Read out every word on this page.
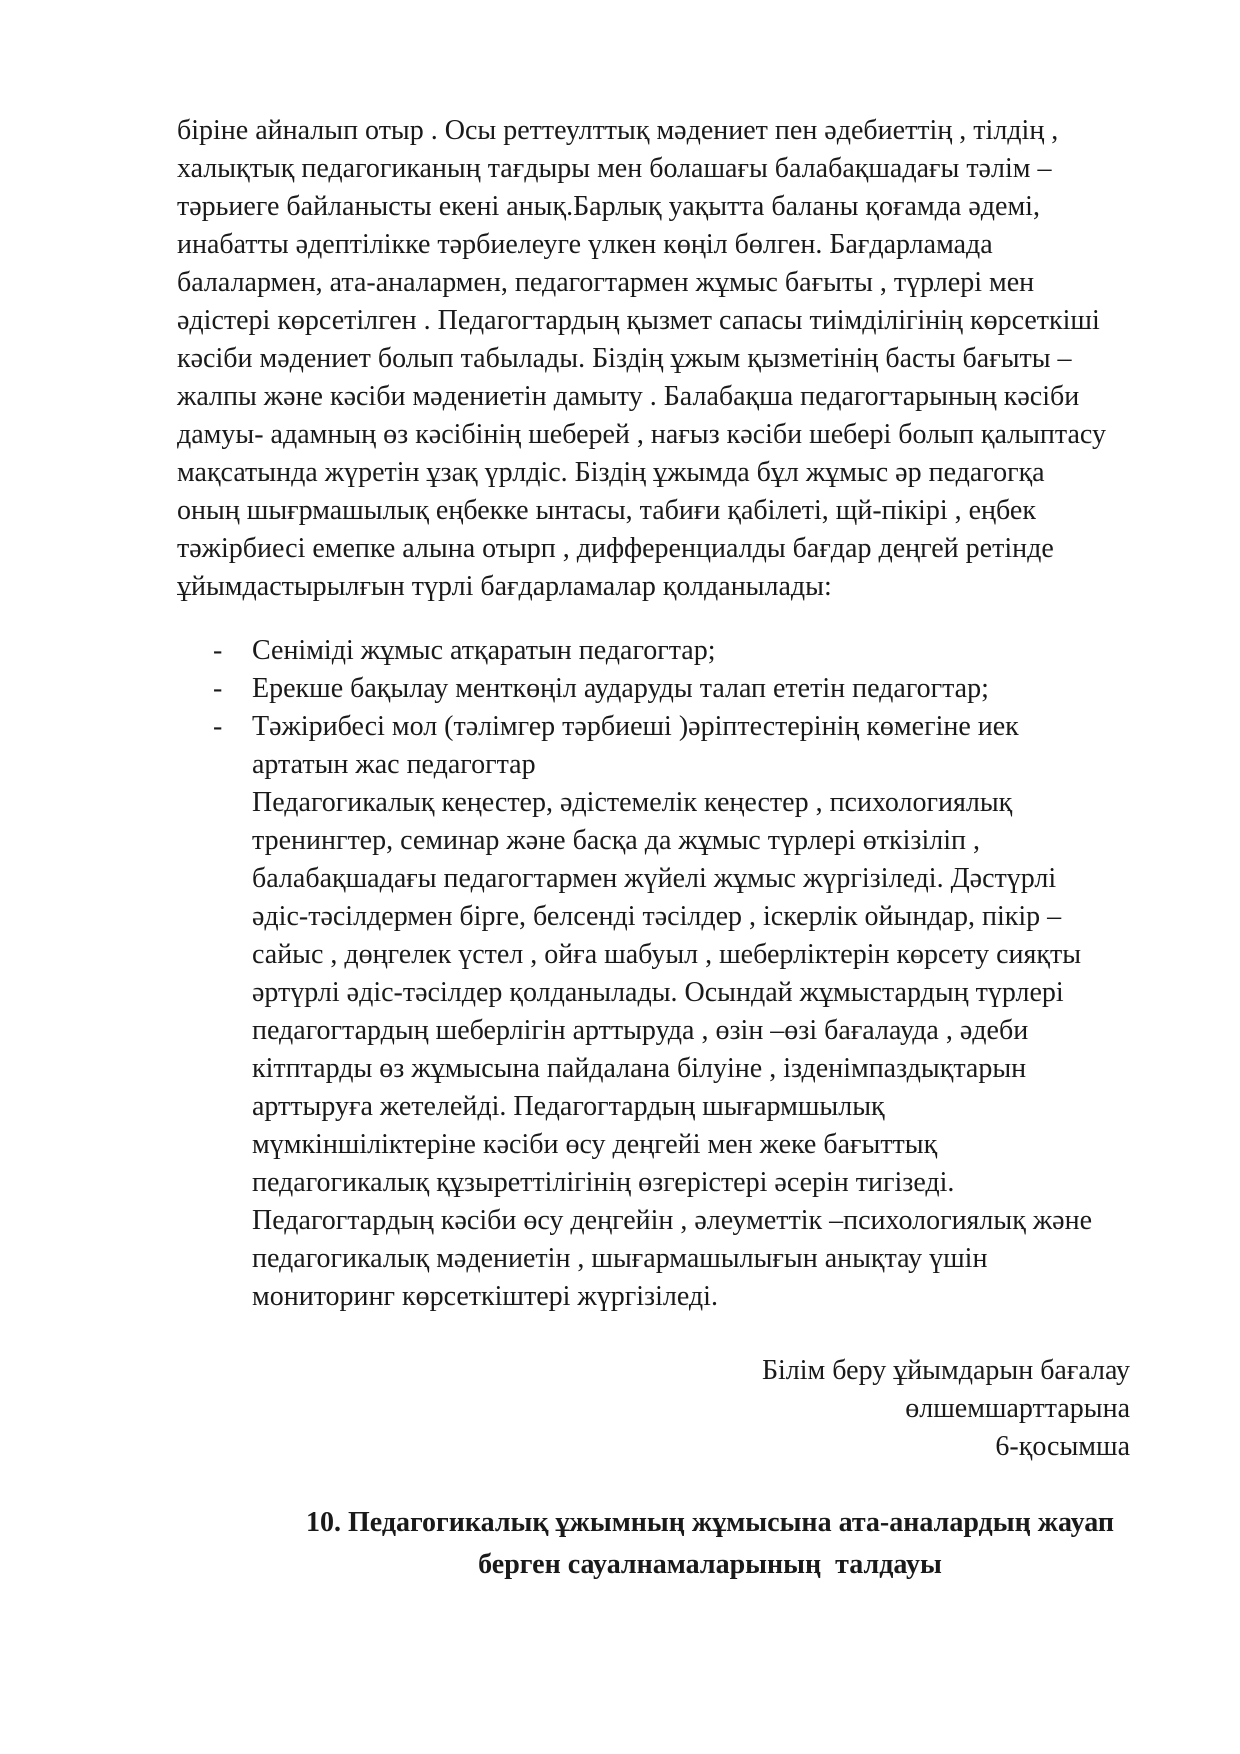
біріне айналып отыр . Осы реттеулттық мәдениет пен әдебиеттің , тілдің ,
халықтық педагогиканың тағдыры мен болашағы балабақшадағы тәлім –
тәрьиеге байланысты екені анық.Барлық уақытта баланы қоғамда әдемі,
инабатты әдептілікке тәрбиелеуге үлкен көңіл бөлген. Бағдарламада
балалармен, ата-аналармен, педагогтармен жұмыс бағыты , түрлері мен
әдістері көрсетілген . Педагогтардың қызмет сапасы тиімділігінің көрсеткіші
кәсіби мәдениет болып табылады. Біздің ұжым қызметінің басты бағыты –
жалпы және кәсіби мәдениетін дамыту . Балабақша педагогтарының кәсіби
дамуы- адамның өз кәсібінің шеберей , нағыз кәсіби шебері болып қалыптасу
мақсатында жүретін ұзақ үрлдіс. Біздің ұжымда бұл жұмыс әр педагогқа
оның шығрмашылық еңбекке ынтасы, табиғи қабілеті, щй-пікірі , еңбек
тәжірбиесі емепке алына отырп , дифференциалды бағдар деңгей ретінде
ұйымдастырылғын түрлі бағдарламалар қолданылады:
- Сеніміді жұмыс атқаратын педагогтар;
- Ерекше бақылау менткөңіл аударуды талап ететін педагогтар;
- Тәжірибесі мол (тәлімгер тәрбиеші )әріптестерінің көмегіне иек
артатын жас педагогтар
Педагогикалық кеңестер, әдістемелік кеңестер , психологиялық
тренингтер, семинар және басқа да жұмыс түрлері өткізіліп ,
балабақшадағы педагогтармен жүйелі жұмыс жүргізіледі. Дәстүрлі
әдіс-тәсілдермен бірге, белсенді тәсілдер , іскерлік ойындар, пікір –
сайыс , дөңгелек үстел , ойға шабуыл , шеберліктерін көрсету сияқты
әртүрлі әдіс-тәсілдер қолданылады. Осындай жұмыстардың түрлері
педагогтардың шеберлігін арттыруда , өзін –өзі бағалауда , әдеби
кітптарды өз жұмысына пайдалана білуіне , ізденімпаздықтарын
арттыруға жетелейді. Педагогтардың шығармшылық
мүмкіншіліктеріне кәсіби өсу деңгейі мен жеке бағыттық
педагогикалық құзыреттілігінің өзгерістері әсерін тигізеді.
Педагогтардың кәсіби өсу деңгейін , әлеуметтік –психологиялық және
педагогикалық мәдениетін , шығармашылығын анықтау үшін
мониторинг көрсеткіштері жүргізіледі.
Білім беру ұйымдарын бағалау
өлшемшарттарына
6-қосымша
10. Педагогикалық ұжымның жұмысына ата-аналардың жауап
берген сауалнамаларының  талдауы
